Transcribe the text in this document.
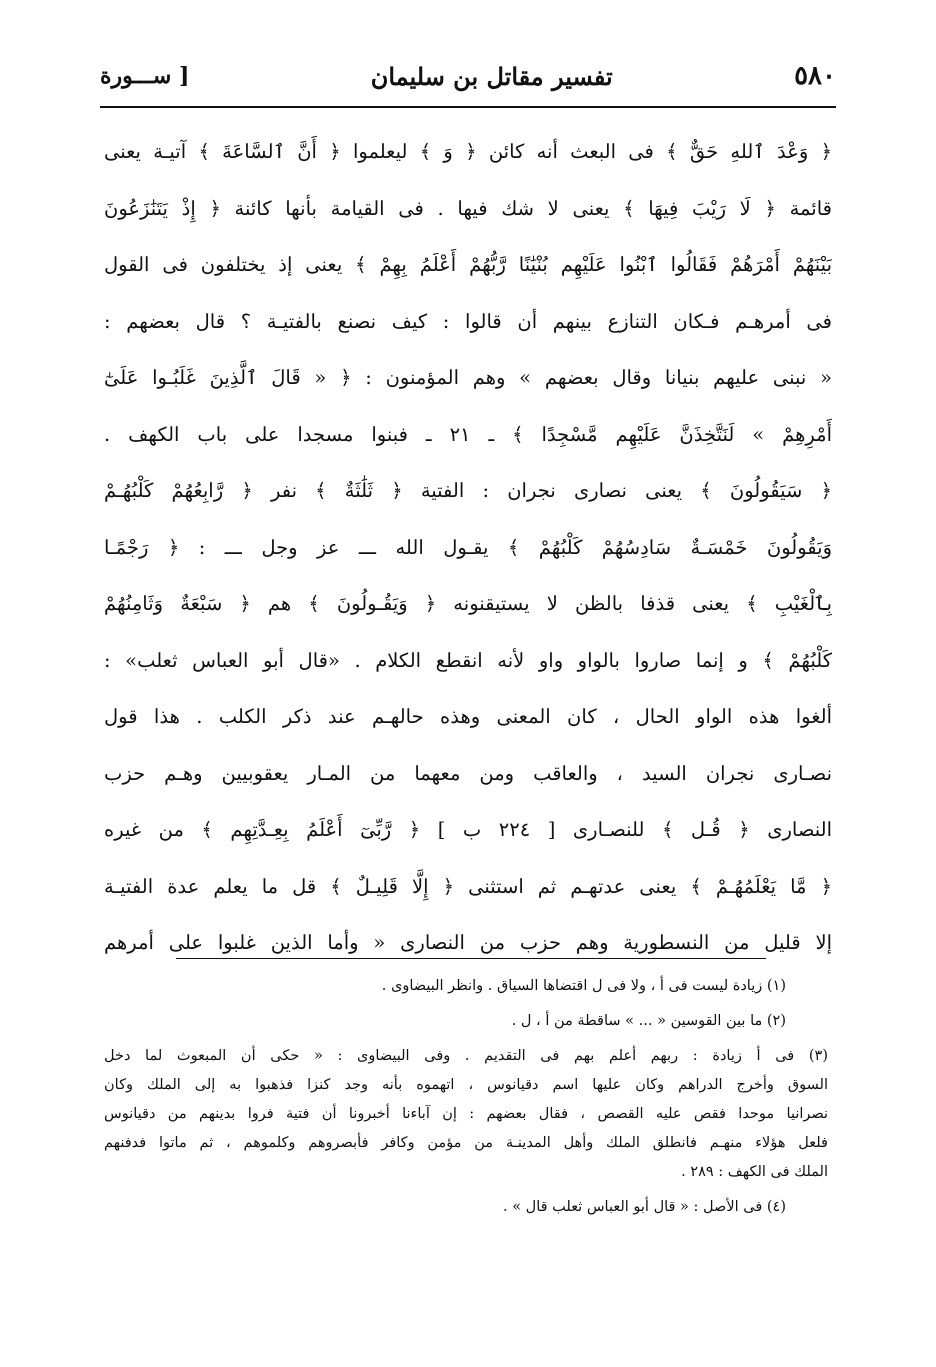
٥٨٠
تفسير مقاتل بن سليمان
[ ســـورة
﴿ وَعْدَ ٱللهِ حَقٌّ ﴾ فى البعث أنه كائن ﴿ وَ ﴾ ليعلموا ﴿ أَنَّ ٱلسَّاعَةَ ﴾ آتيـة يعنى
قائمة ﴿ لَا رَيْبَ فِيهَا ﴾ يعنى لا شك فيها . فى القيامة بأنها كائنة ﴿ إِذْ يَتَنَٰزَعُونَ
بَيْنَهُمْ أَمْرَهُمْ فَقَالُوا ٱبْنُوا عَلَيْهِم بُنْيَٰنًا رَّبُّهُمْ أَعْلَمُ بِهِمْ ﴾ يعنى إذ يختلفون فى القول
فى أمرهـم فـكان التنازع بينهم أن قالوا : كيف نصنع بالفتيـة ؟ قال بعضهم :
« نبنى عليهم بنيانا وقال بعضهم » وهم المؤمنون : ﴿ « قَالَ ٱلَّذِينَ غَلَبُـوا عَلَىٰٓ
أَمْرِهِمْ » لَنَتَّخِذَنَّ عَلَيْهِم مَّسْجِدًا ﴾ ـ ٢١ ـ فبنوا مسجدا على باب الكهف .
﴿ سَيَقُولُونَ ﴾ يعنى نصارى نجران : الفتية ﴿ ثَلَٰثَةٌ ﴾ نفر ﴿ رَّابِعُهُمْ كَلْبُهُـمْ
وَيَقُولُونَ خَمْسَـةٌ سَادِسُهُمْ كَلْبُهُمْ ﴾ يقـول الله ـــ عز وجل ـــ : ﴿ رَجْمًـا
بِٱلْغَيْبِ ﴾ يعنى قذفا بالظن لا يستيقنونه ﴿ وَيَقُـولُونَ ﴾ هم ﴿ سَبْعَةٌ وَثَامِنُهُمْ
كَلْبُهُمْ ﴾ و إنما صاروا بالواو واو لأنه انقطع الكلام . «قال أبو العباس ثعلب» :
ألغوا هذه الواو الحال ، كان المعنى وهذه حالهـم عند ذكر الكلب . هذا قول
نصـارى نجران السيد ، والعاقب ومن معهما من المـار يعقوبيين وهـم حزب
النصارى ﴿ قُـل ﴾ للنصـارى [ ٢٢٤ ب ] ﴿ رَّبِّىٓ أَعْلَمُ بِعِـدَّتِهِم ﴾ من غيره
﴿ مَّا يَعْلَمُهُـمْ ﴾ يعنى عدتهـم ثم استثنى ﴿ إِلَّا قَلِيـلٌ ﴾ قل ما يعلم عدة الفتيـة
إلا قليل من النسطورية وهم حزب من النصارى « وأما الذين غلبوا على أمرهم
(١) زيادة ليست فى أ ، ولا فى ل اقتضاها السياق . وانظر البيضاوى .
(٢) ما بين القوسين « ... » ساقطة من أ ، ل .
(٣) فى أ زيادة : ربهم أعلم بهم فى التقديم . وفى البيضاوى : « حكى أن المبعوث لما دخل
السوق وأخرج الدراهم وكان عليها اسم دقيانوس ، اتهموه بأنه وجد كنزا فذهبوا به إلى الملك وكان
نصرانيا موحدا فقص عليه القصص ، فقال بعضهم : إن آباءنا أخبرونا أن فتية فروا بدينهم من دقيانوس
فلعل هؤلاء منهـم فانطلق الملك وأهل المدينـة من مؤمن وكافر فأبصروهم وكلموهم ، ثم ماتوا فدفنهم
الملك فى الكهف : ٢٨٩ .
(٤) فى الأصل : « قال أبو العباس ثعلب قال » .
